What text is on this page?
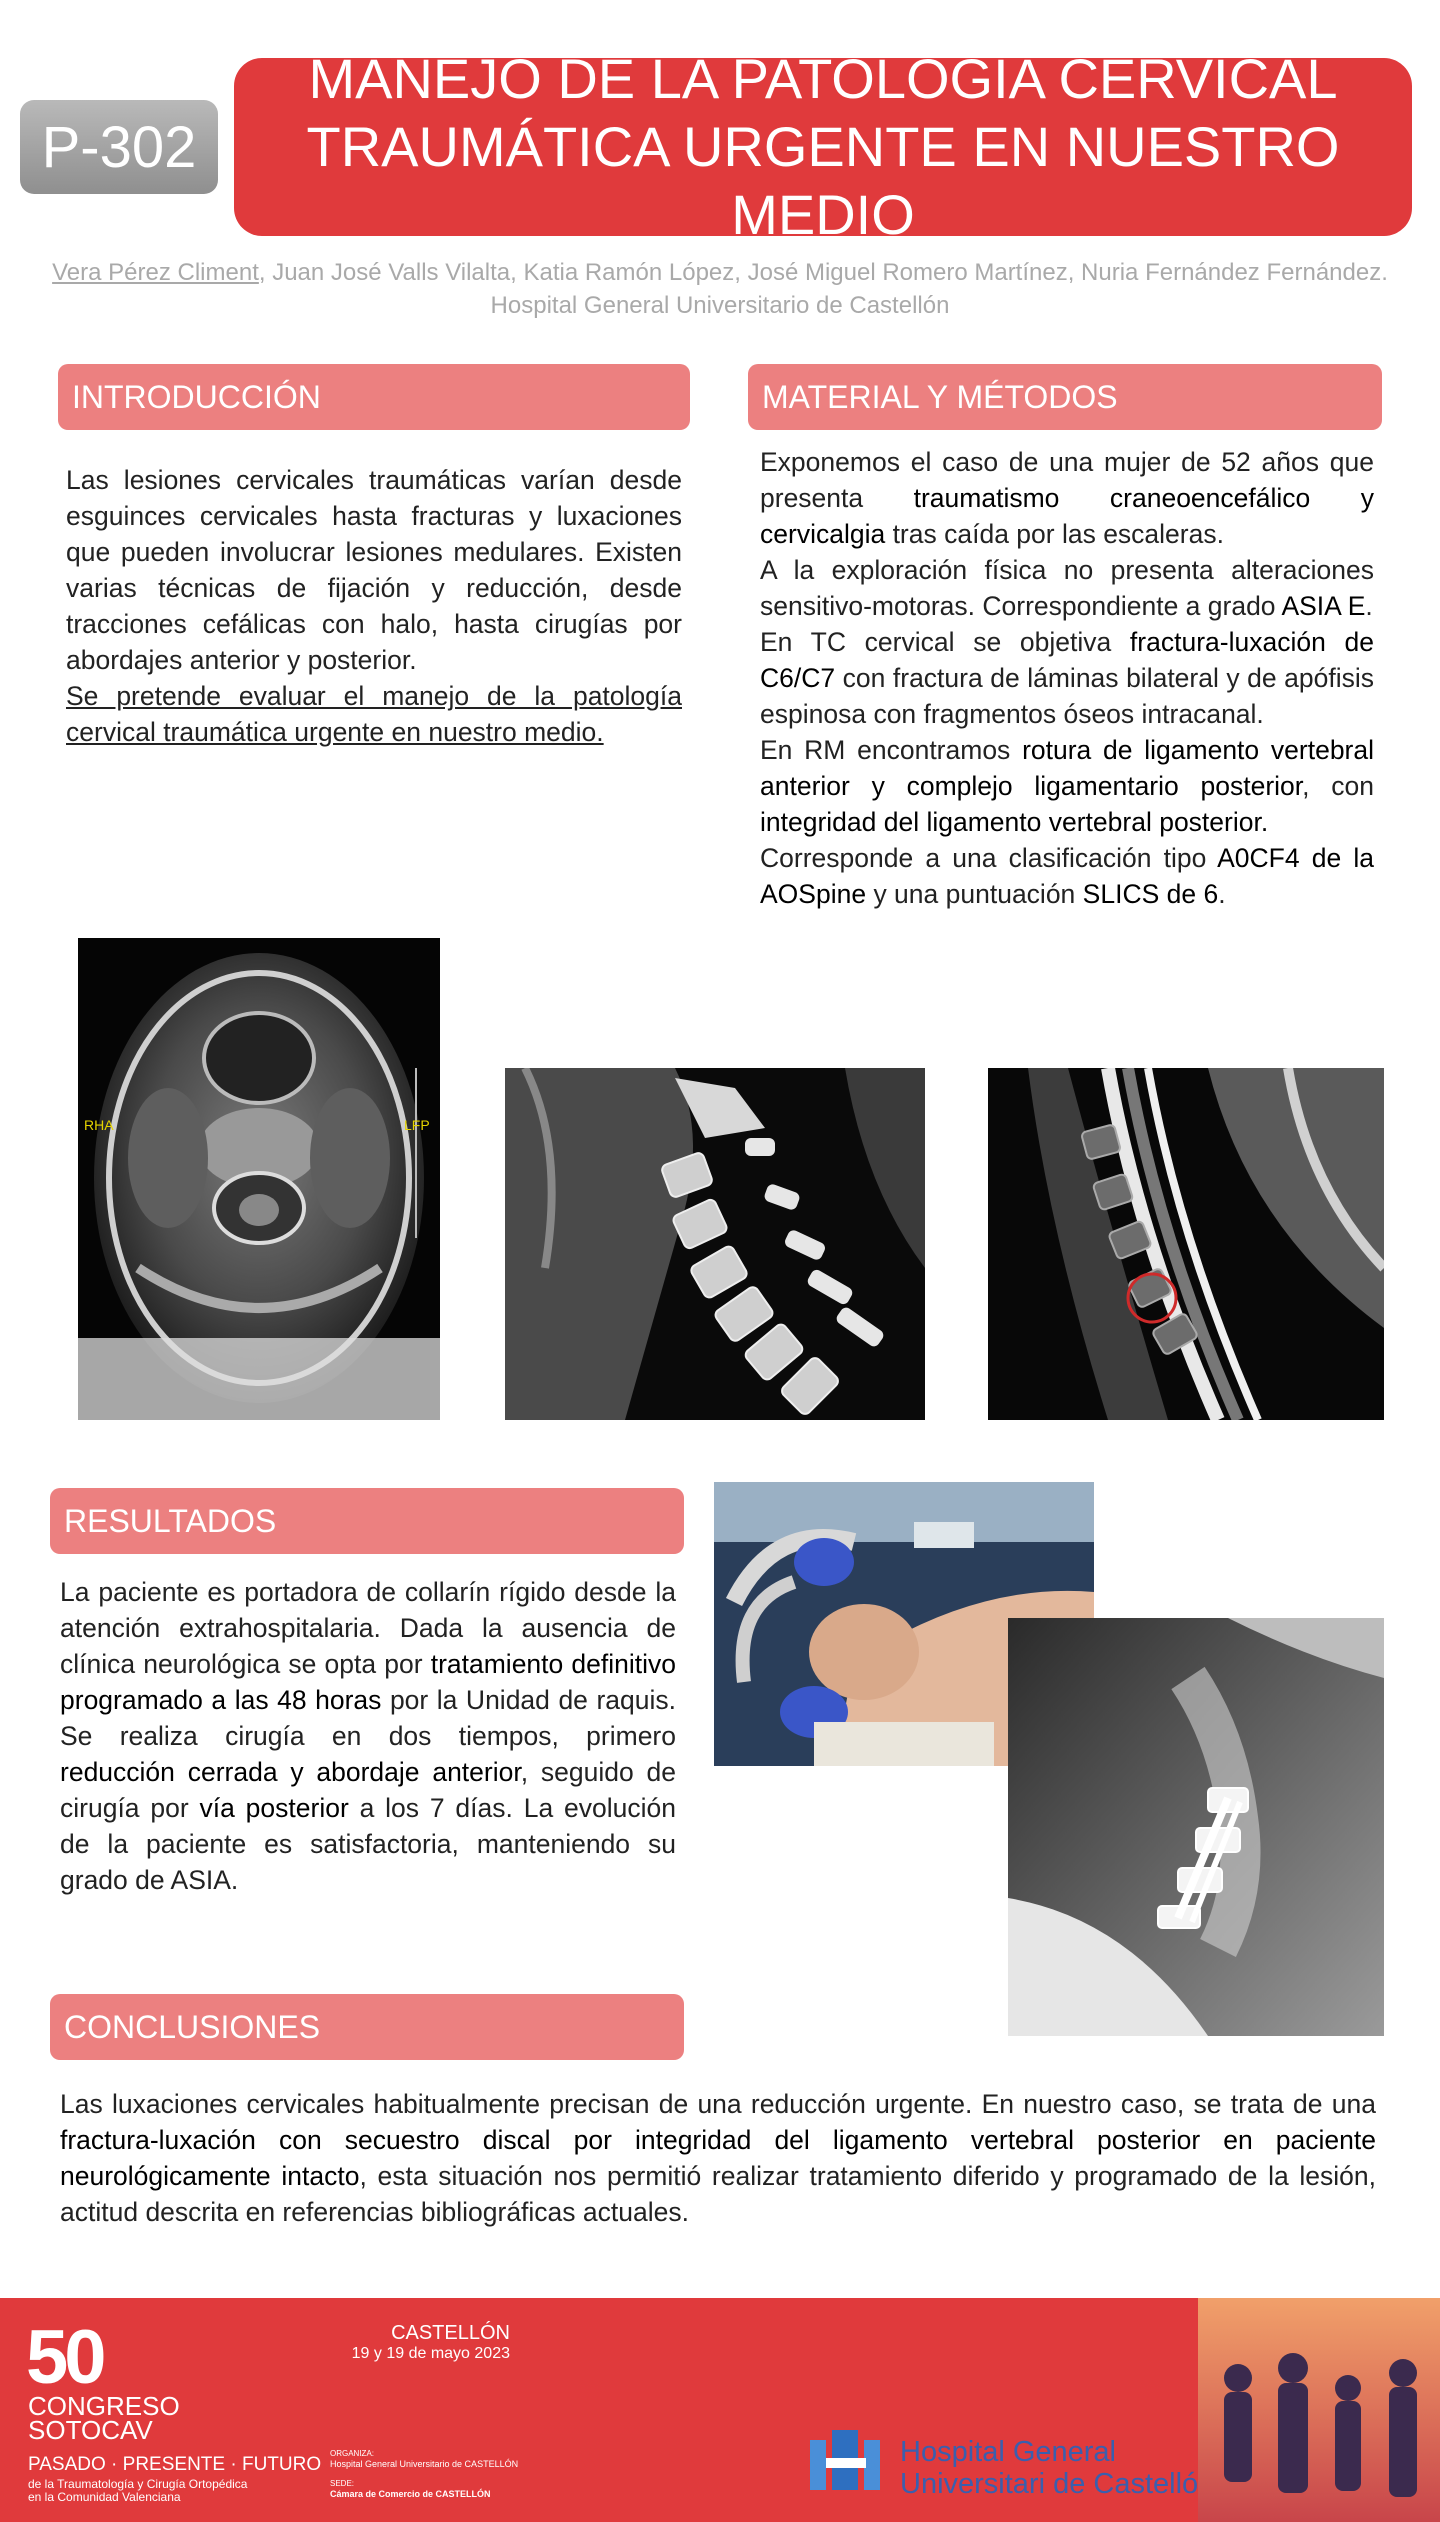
P-302
MANEJO DE LA PATOLOGÍA CERVICAL
TRAUMÁTICA URGENTE EN NUESTRO MEDIO
Vera Pérez Climent, Juan José Valls Vilalta, Katia Ramón López, José Miguel Romero Martínez, Nuria Fernández Fernández.
Hospital General Universitario de Castellón
INTRODUCCIÓN
Las lesiones cervicales traumáticas varían desde esguinces cervicales hasta fracturas y luxaciones que pueden involucrar lesiones medulares. Existen varias técnicas de fijación y reducción, desde tracciones cefálicas con halo, hasta cirugías por abordajes anterior y posterior.
Se pretende evaluar el manejo de la patología cervical traumática urgente en nuestro medio.
MATERIAL Y MÉTODOS
Exponemos el caso de una mujer de 52 años que presenta traumatismo craneoencefálico y cervicalgia tras caída por las escaleras.
A la exploración física no presenta alteraciones sensitivo-motoras. Correspondiente a grado ASIA E.
En TC cervical se objetiva fractura-luxación de C6/C7 con fractura de láminas bilateral y de apófisis espinosa con fragmentos óseos intracanal.
En RM encontramos rotura de ligamento vertebral anterior y complejo ligamentario posterior, con integridad del ligamento vertebral posterior.
Corresponde a una clasificación tipo A0CF4 de la AOSpine y una puntuación SLICS de 6.
RHA	LFP
RESULTADOS
La paciente es portadora de collarín rígido desde la atención extrahospitalaria. Dada la ausencia de clínica neurológica se opta por tratamiento definitivo programado a las 48 horas por la Unidad de raquis. Se realiza cirugía en dos tiempos, primero reducción cerrada y abordaje anterior, seguido de cirugía por vía posterior a los 7 días. La evolución de la paciente es satisfactoria, manteniendo su grado de ASIA.
CONCLUSIONES
Las luxaciones cervicales habitualmente precisan de una reducción urgente. En nuestro caso, se trata de una fractura-luxación con secuestro discal por integridad del ligamento vertebral posterior en paciente neurológicamente intacto, esta situación nos permitió realizar tratamiento diferido y programado de la lesión, actitud descrita en referencias bibliográficas actuales.
50
CONGRESO
SOTOCAV
PASADO · PRESENTE · FUTURO
de la Traumatología y Cirugía Ortopédica
en la Comunidad Valenciana
CASTELLÓN
19 y 19 de mayo 2023
ORGANIZA:
Hospital General Universitario de CASTELLÓN
SEDE:
Cámara de Comercio de CASTELLÓN
Hospital General
Universitari de Castelló
